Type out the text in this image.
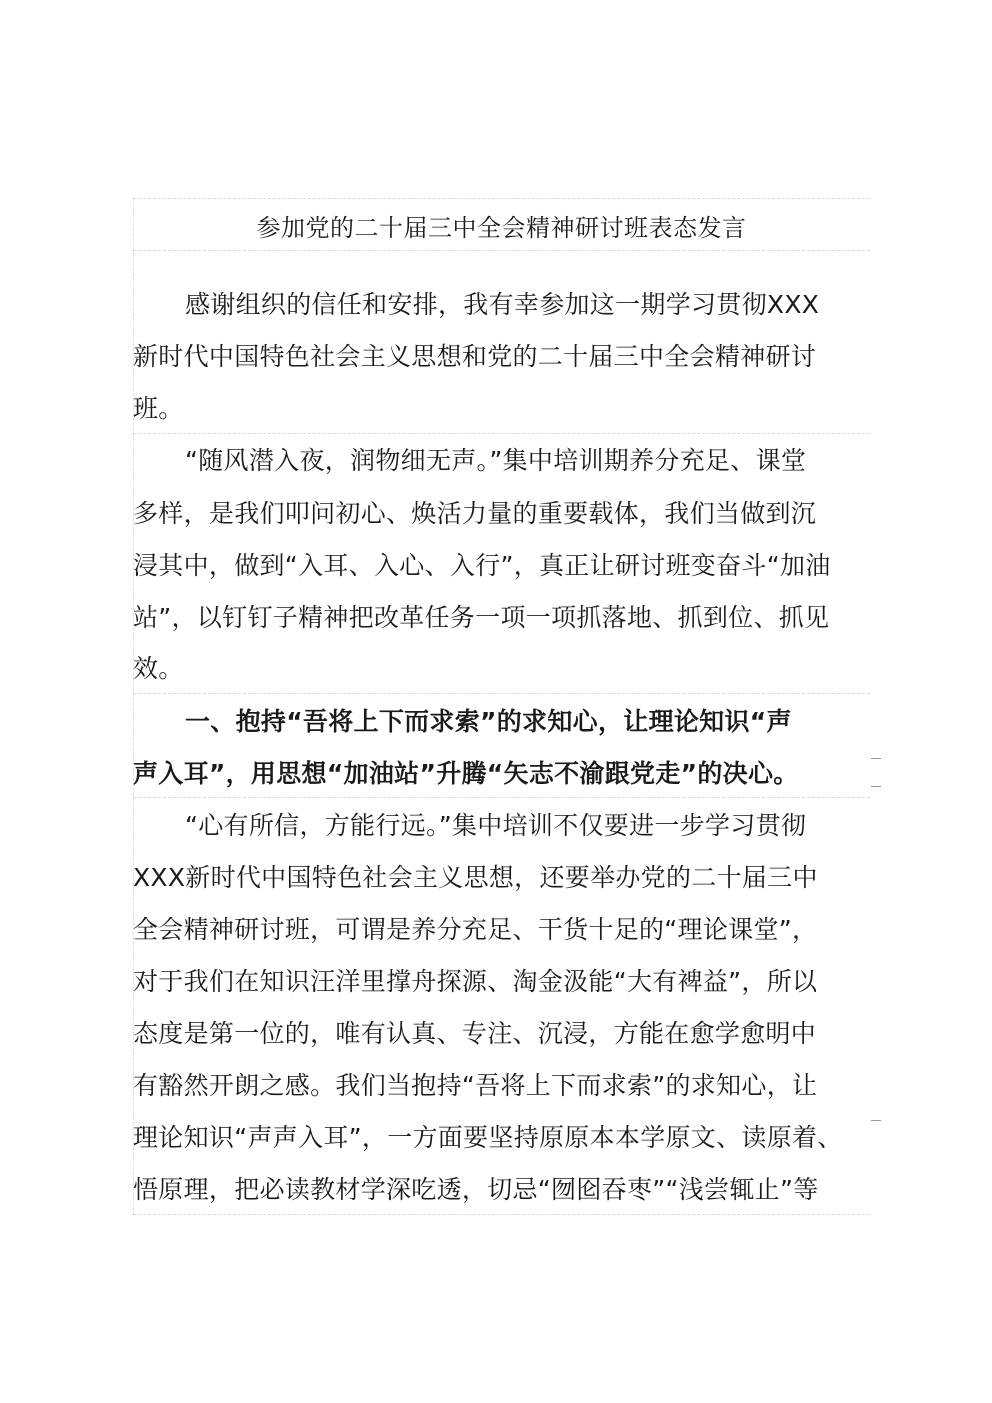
参加党的二十届三中全会精神研讨班表态发言
感谢组织的信任和安排，我有幸参加这一期学习贯彻XXX
新时代中国特色社会主义思想和党的二十届三中全会精神研讨
班。
“随风潜入夜，润物细无声。”集中培训期养分充足、课堂
多样，是我们叩问初心、焕活力量的重要载体，我们当做到沉
浸其中，做到“入耳、入心、入行”，真正让研讨班变奋斗“加油
站”，以钉钉子精神把改革任务一项一项抓落地、抓到位、抓见
效。
一、抱持“吾将上下而求索”的求知心，让理论知识“声
声入耳”，用思想“加油站”升腾“矢志不渝跟党走”的决心。
“心有所信，方能行远。”集中培训不仅要进一步学习贯彻
XXX新时代中国特色社会主义思想，还要举办党的二十届三中
全会精神研讨班，可谓是养分充足、干货十足的“理论课堂”，
对于我们在知识汪洋里撑舟探源、淘金汲能“大有裨益”，所以
态度是第一位的，唯有认真、专注、沉浸，方能在愈学愈明中
有豁然开朗之感。我们当抱持“吾将上下而求索”的求知心，让
理论知识“声声入耳”，一方面要坚持原原本本学原文、读原着、
悟原理，把必读教材学深吃透，切忌“囫囵吞枣”“浅尝辄止”等
